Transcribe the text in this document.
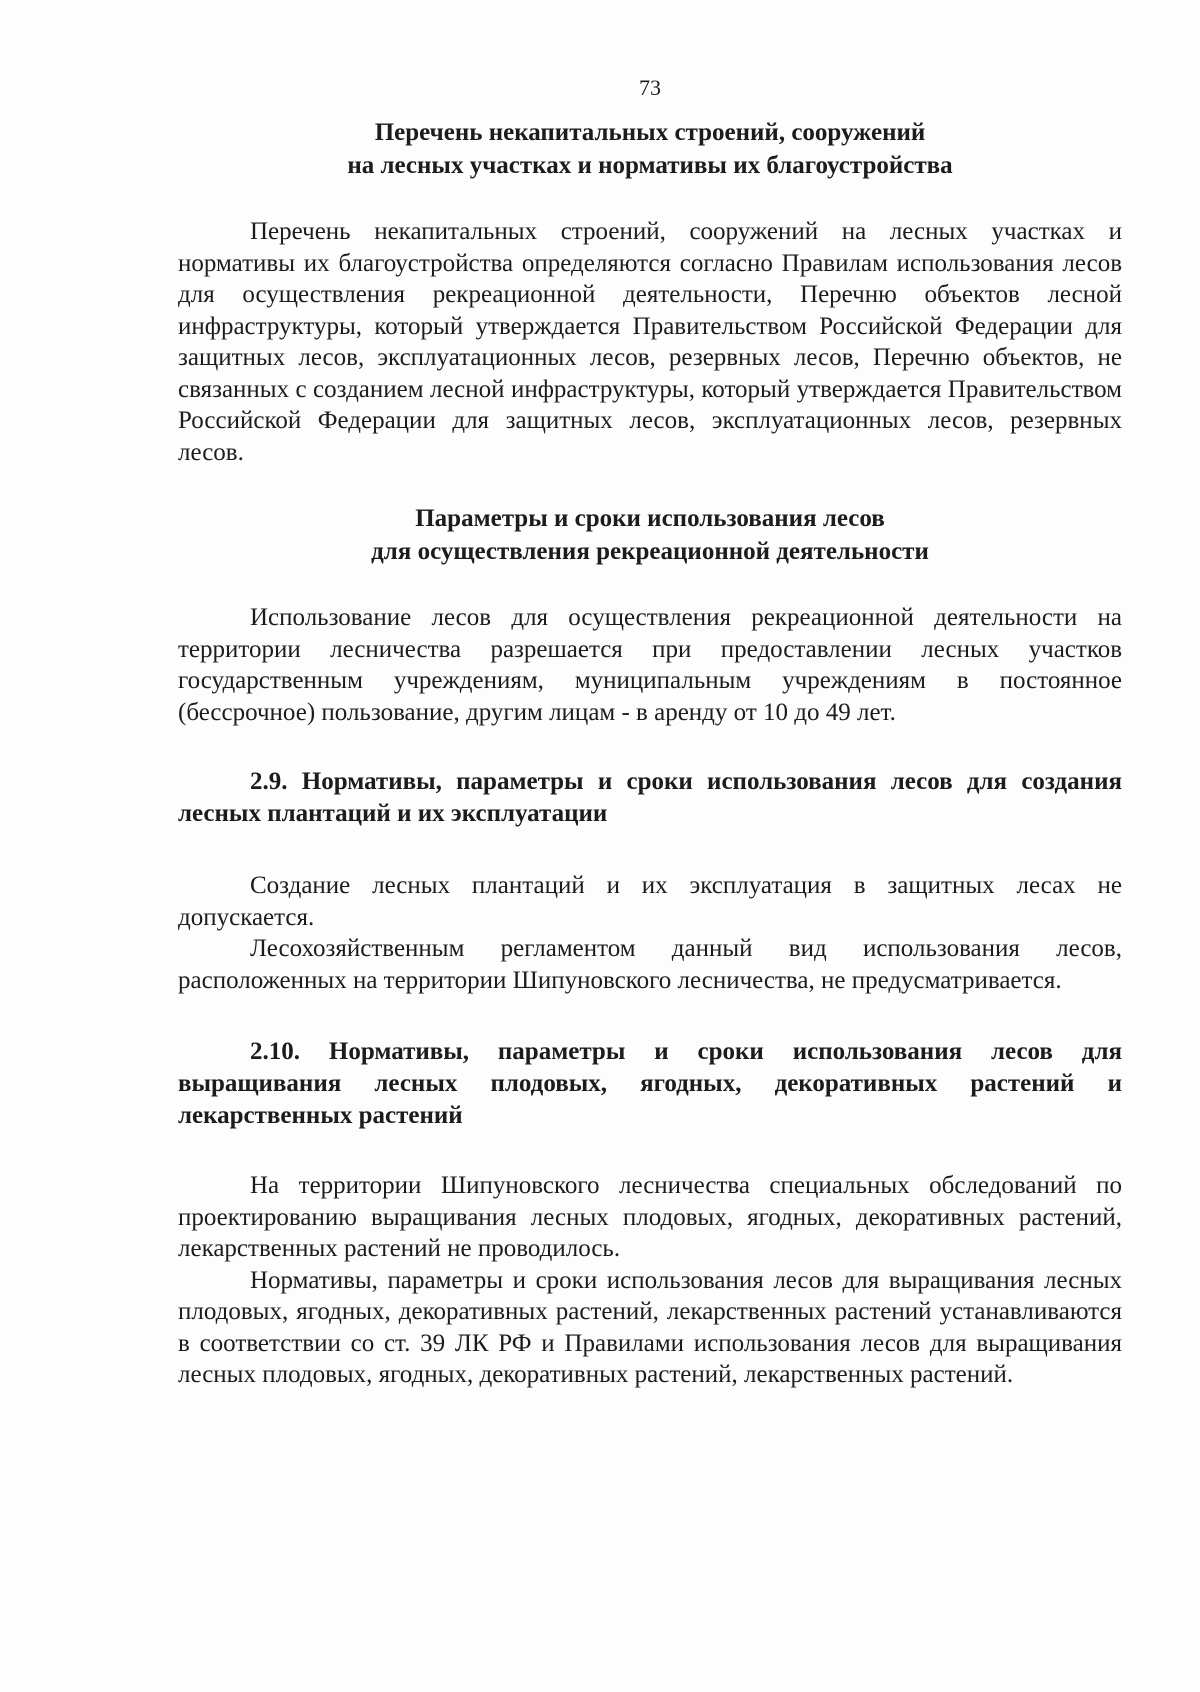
73
Перечень некапитальных строений, сооружений
на лесных участках и нормативы их благоустройства

Перечень некапитальных строений, сооружений на лесных участках и нормативы их благоустройства определяются согласно Правилам использования лесов для осуществления рекреационной деятельности, Перечню объектов лесной инфраструктуры, который утверждается Правительством Российской Федерации для защитных лесов, эксплуатационных лесов, резервных лесов, Перечню объектов, не связанных с созданием лесной инфраструктуры, который утверждается Правительством Российской Федерации для защитных лесов, эксплуатационных лесов, резервных лесов.

Параметры и сроки использования лесов
для осуществления рекреационной деятельности

Использование лесов для осуществления рекреационной деятельности на территории лесничества разрешается при предоставлении лесных участков государственным учреждениям, муниципальным учреждениям в постоянное (бессрочное) пользование, другим лицам - в аренду от 10 до 49 лет.

2.9. Нормативы, параметры и сроки использования лесов для создания лесных плантаций и их эксплуатации

Создание лесных плантаций и их эксплуатация в защитных лесах не допускается.

Лесохозяйственным регламентом данный вид использования лесов, расположенных на территории Шипуновского лесничества, не предусматривается.

2.10. Нормативы, параметры и сроки использования лесов для выращивания лесных плодовых, ягодных, декоративных растений и лекарственных растений

На территории Шипуновского лесничества специальных обследований по проектированию выращивания лесных плодовых, ягодных, декоративных растений, лекарственных растений не проводилось.

Нормативы, параметры и сроки использования лесов для выращивания лесных плодовых, ягодных, декоративных растений, лекарственных растений устанавливаются в соответствии со ст. 39 ЛК РФ и Правилами использования лесов для выращивания лесных плодовых, ягодных, декоративных растений, лекарственных растений.
